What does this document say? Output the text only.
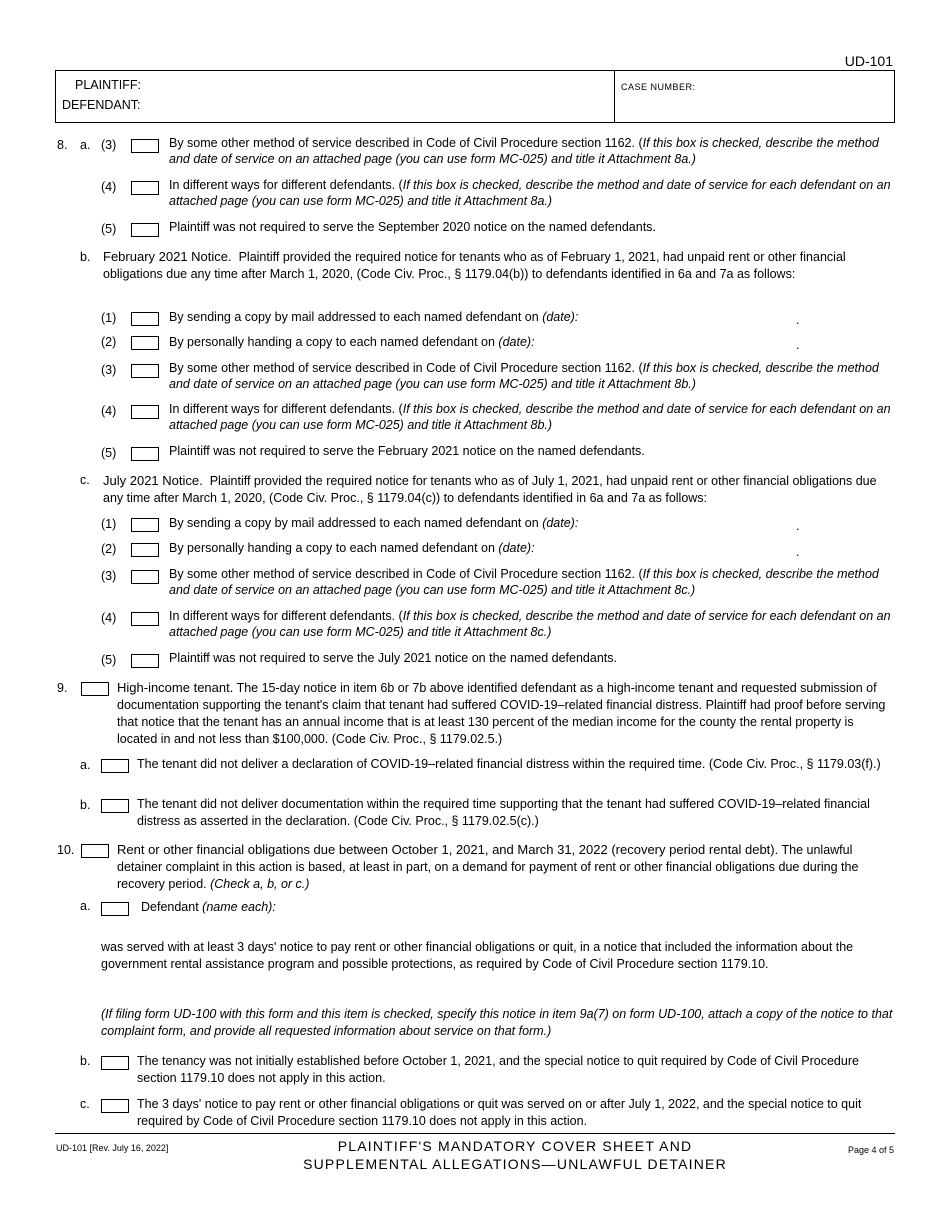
UD-101
PLAINTIFF:
DEFENDANT:
CASE NUMBER:
8. a. (3)	By some other method of service described in Code of Civil Procedure section 1162. (If this box is checked, describe the method and date of service on an attached page (you can use form MC-025) and title it Attachment 8a.)
(4)	In different ways for different defendants. (If this box is checked, describe the method and date of service for each defendant on an attached page (you can use form MC-025) and title it Attachment 8a.)
(5)	Plaintiff was not required to serve the September 2020 notice on the named defendants.
b. February 2021 Notice. Plaintiff provided the required notice for tenants who as of February 1, 2021, had unpaid rent or other financial obligations due any time after March 1, 2020, (Code Civ. Proc., § 1179.04(b)) to defendants identified in 6a and 7a as follows:
(1)	By sending a copy by mail addressed to each named defendant on (date):	.
(2)	By personally handing a copy to each named defendant on (date):	.
(3)	By some other method of service described in Code of Civil Procedure section 1162. (If this box is checked, describe the method and date of service on an attached page (you can use form MC-025) and title it Attachment 8b.)
(4)	In different ways for different defendants. (If this box is checked, describe the method and date of service for each defendant on an attached page (you can use form MC-025) and title it Attachment 8b.)
(5)	Plaintiff was not required to serve the February 2021 notice on the named defendants.
c. July 2021 Notice. Plaintiff provided the required notice for tenants who as of July 1, 2021, had unpaid rent or other financial obligations due any time after March 1, 2020, (Code Civ. Proc., § 1179.04(c)) to defendants identified in 6a and 7a as follows:
(1)	By sending a copy by mail addressed to each named defendant on (date):	.
(2)	By personally handing a copy to each named defendant on (date):	.
(3)	By some other method of service described in Code of Civil Procedure section 1162. (If this box is checked, describe the method and date of service on an attached page (you can use form MC-025) and title it Attachment 8c.)
(4)	In different ways for different defendants. (If this box is checked, describe the method and date of service for each defendant on an attached page (you can use form MC-025) and title it Attachment 8c.)
(5)	Plaintiff was not required to serve the July 2021 notice on the named defendants.
9.	High-income tenant. The 15-day notice in item 6b or 7b above identified defendant as a high-income tenant and requested submission of documentation supporting the tenant's claim that tenant had suffered COVID-19–related financial distress. Plaintiff had proof before serving that notice that the tenant has an annual income that is at least 130 percent of the median income for the county the rental property is located in and not less than $100,000. (Code Civ. Proc., § 1179.02.5.)
a.	The tenant did not deliver a declaration of COVID-19–related financial distress within the required time. (Code Civ. Proc., § 1179.03(f).)
b.	The tenant did not deliver documentation within the required time supporting that the tenant had suffered COVID-19–related financial distress as asserted in the declaration. (Code Civ. Proc., § 1179.02.5(c).)
10.	Rent or other financial obligations due between October 1, 2021, and March 31, 2022 (recovery period rental debt). The unlawful detainer complaint in this action is based, at least in part, on a demand for payment of rent or other financial obligations due during the recovery period. (Check a, b, or c.)
a.	Defendant (name each):
was served with at least 3 days' notice to pay rent or other financial obligations or quit, in a notice that included the information about the government rental assistance program and possible protections, as required by Code of Civil Procedure section 1179.10.
(If filing form UD-100 with this form and this item is checked, specify this notice in item 9a(7) on form UD-100, attach a copy of the notice to that complaint form, and provide all requested information about service on that form.)
b.	The tenancy was not initially established before October 1, 2021, and the special notice to quit required by Code of Civil Procedure section 1179.10 does not apply in this action.
c.	The 3 days' notice to pay rent or other financial obligations or quit was served on or after July 1, 2022, and the special notice to quit required by Code of Civil Procedure section 1179.10 does not apply in this action.
UD-101 [Rev. July 16, 2022]	PLAINTIFF'S MANDATORY COVER SHEET AND
SUPPLEMENTAL ALLEGATIONS—UNLAWFUL DETAINER
Page 4 of 5
